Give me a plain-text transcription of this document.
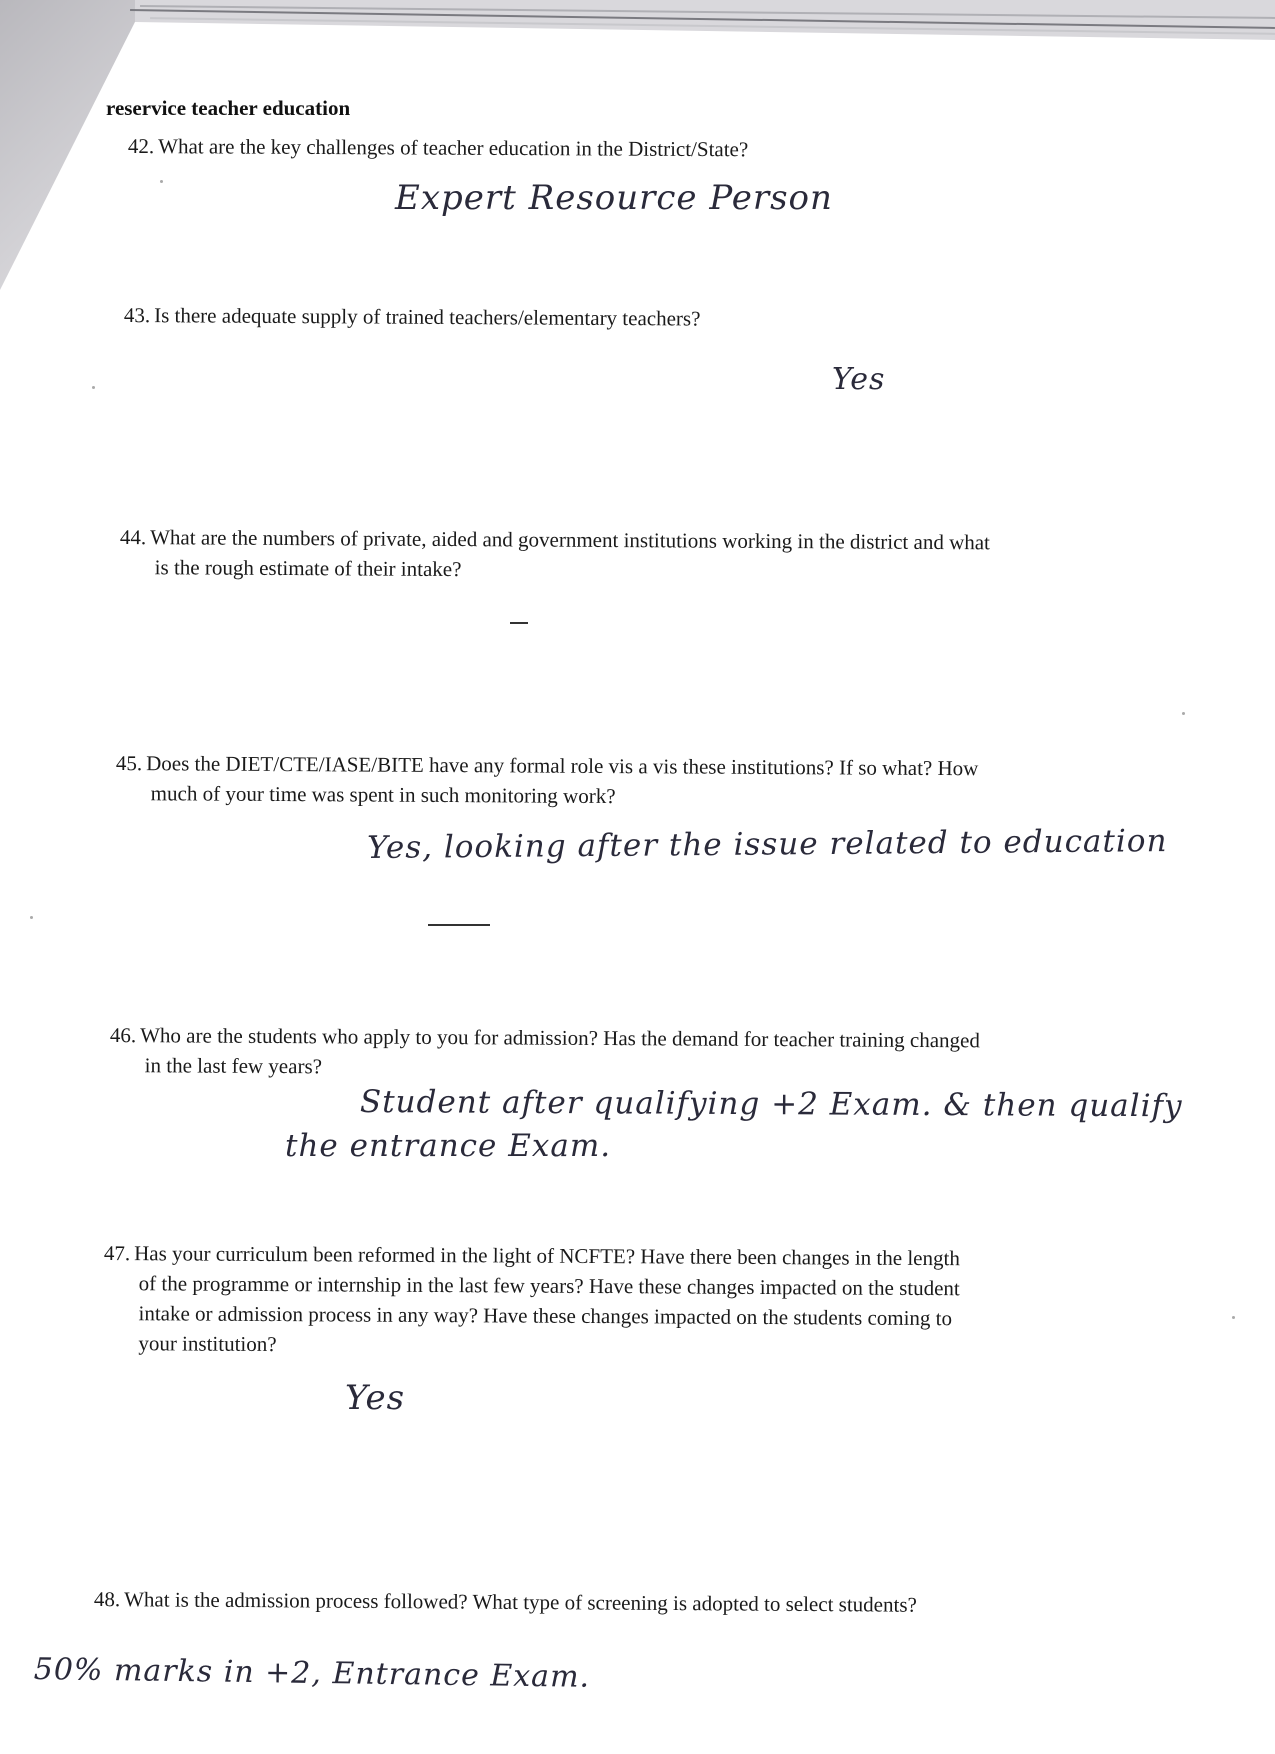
reservice teacher education
42. What are the key challenges of teacher education in the District/State?
Expert Resource Person
43. Is there adequate supply of trained teachers/elementary teachers?
Yes
44. What are the numbers of private, aided and government institutions working in the district and what
is the rough estimate of their intake?
45. Does the DIET/CTE/IASE/BITE have any formal role vis a vis these institutions? If so what? How
much of your time was spent in such monitoring work?
Yes, looking after the issue related to education
46. Who are the students who apply to you for admission? Has the demand for teacher training changed
in the last few years?
Student after qualifying +2 Exam. & then qualify
the entrance Exam.
47. Has your curriculum been reformed in the light of NCFTE? Have there been changes in the length
of the programme or internship in the last few years? Have these changes impacted on the student
intake or admission process in any way? Have these changes impacted on the students coming to
your institution?
Yes
48. What is the admission process followed? What type of screening is adopted to select students?
50% marks in +2, Entrance Exam.
